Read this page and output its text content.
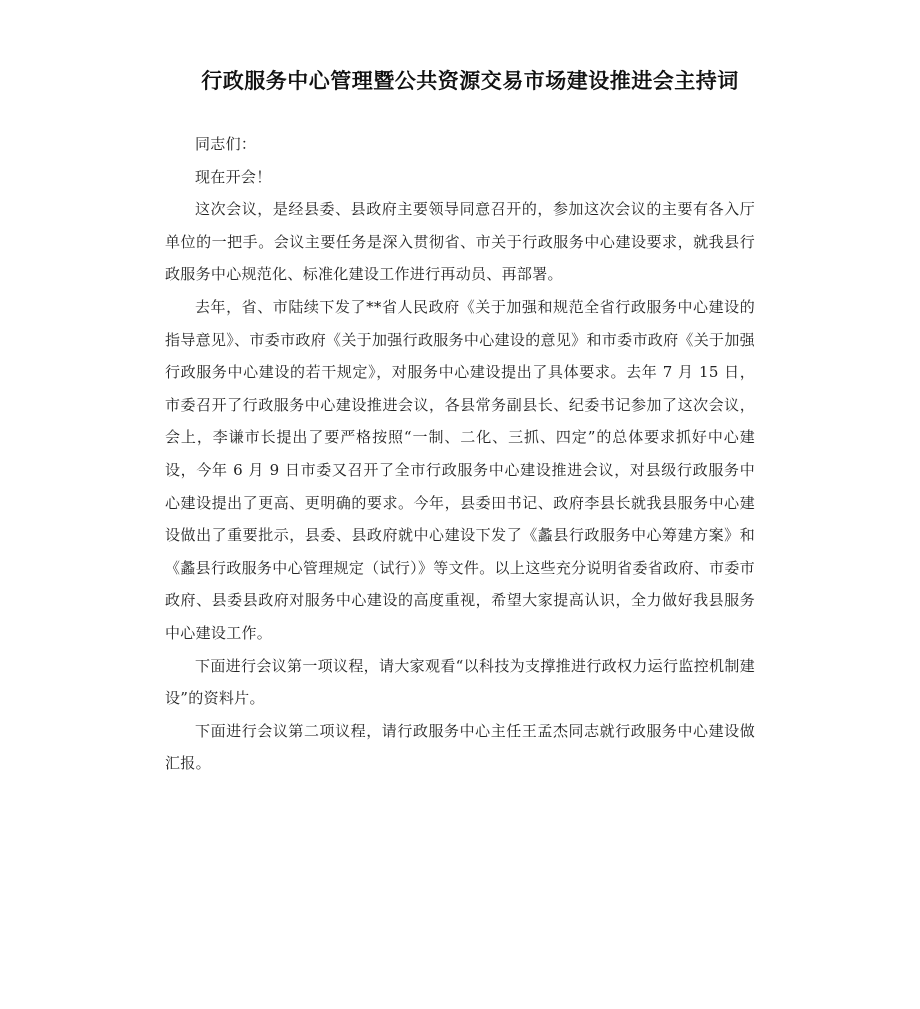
行政服务中心管理暨公共资源交易市场建设推进会主持词

同志们：

现在开会！

这次会议，是经县委、县政府主要领导同意召开的，参加这次会议的主要有各入厅单位的一把手。会议主要任务是深入贯彻省、市关于行政服务中心建设要求，就我县行政服务中心规范化、标准化建设工作进行再动员、再部署。

去年，省、市陆续下发了**省人民政府《关于加强和规范全省行政服务中心建设的指导意见》、市委市政府《关于加强行政服务中心建设的意见》和市委市政府《关于加强行政服务中心建设的若干规定》，对服务中心建设提出了具体要求。去年 7 月 15 日，市委召开了行政服务中心建设推进会议，各县常务副县长、纪委书记参加了这次会议，会上，李谦市长提出了要严格按照“一制、二化、三抓、四定”的总体要求抓好中心建设，今年 6 月 9 日市委又召开了全市行政服务中心建设推进会议，对县级行政服务中心建设提出了更高、更明确的要求。今年，县委田书记、政府李县长就我县服务中心建设做出了重要批示，县委、县政府就中心建设下发了《蠡县行政服务中心筹建方案》和《蠡县行政服务中心管理规定（试行）》等文件。以上这些充分说明省委省政府、市委市政府、县委县政府对服务中心建设的高度重视，希望大家提高认识，全力做好我县服务中心建设工作。

下面进行会议第一项议程，请大家观看“以科技为支撑推进行政权力运行监控机制建设”的资料片。

下面进行会议第二项议程，请行政服务中心主任王孟杰同志就行政服务中心建设做汇报。
